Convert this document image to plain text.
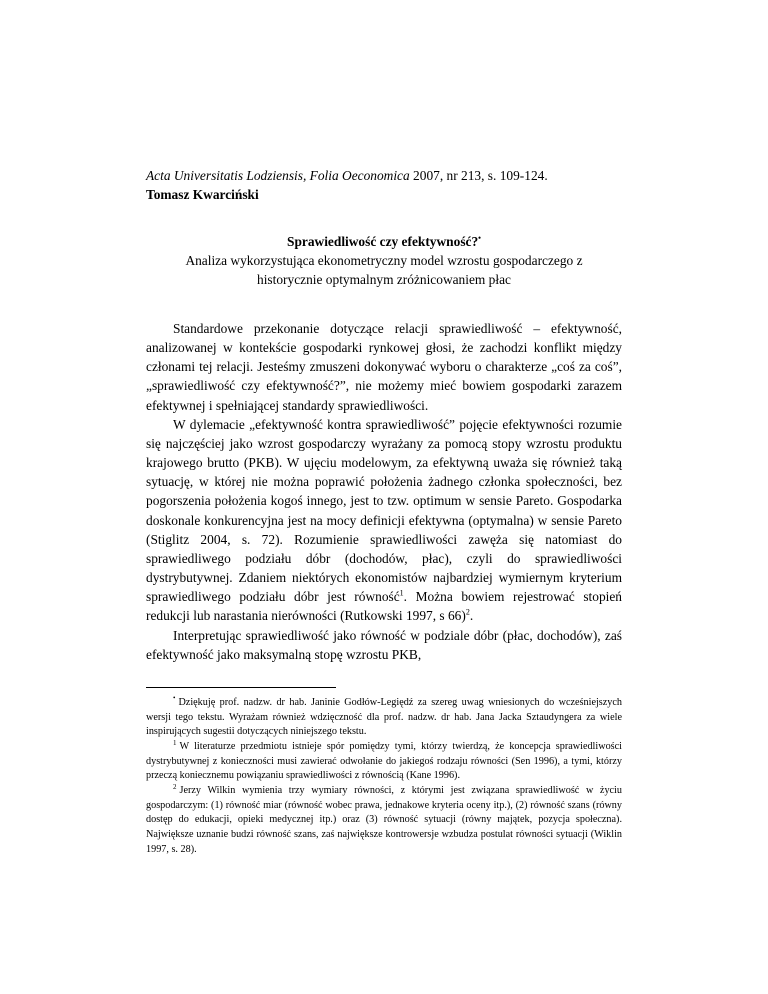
Acta Universitatis Lodziensis, Folia Oeconomica 2007, nr 213, s. 109-124.

Tomasz Kwarciński

Sprawiedliwość czy efektywność?•

Analiza wykorzystująca ekonometryczny model wzrostu gospodarczego z

historycznie optymalnym zróżnicowaniem płac

Standardowe przekonanie dotyczące relacji sprawiedliwość – efektywność, analizowanej w kontekście gospodarki rynkowej głosi, że zachodzi konflikt między członami tej relacji. Jesteśmy zmuszeni dokonywać wyboru o charakterze „coś za coś”, „sprawiedliwość czy efektywność?”, nie możemy mieć bowiem gospodarki zarazem efektywnej i spełniającej standardy sprawiedliwości.

W dylemacie „efektywność kontra sprawiedliwość” pojęcie efektywności rozumie się najczęściej jako wzrost gospodarczy wyrażany za pomocą stopy wzrostu produktu krajowego brutto (PKB). W ujęciu modelowym, za efektywną uważa się również taką sytuację, w której nie można poprawić położenia żadnego członka społeczności, bez pogorszenia położenia kogoś innego, jest to tzw. optimum w sensie Pareto. Gospodarka doskonale konkurencyjna jest na mocy definicji efektywna (optymalna) w sensie Pareto (Stiglitz 2004, s. 72). Rozumienie sprawiedliwości zawęża się natomiast do sprawiedliwego podziału dóbr (dochodów, płac), czyli do sprawiedliwości dystrybutywnej. Zdaniem niektórych ekonomistów najbardziej wymiernym kryterium sprawiedliwego podziału dóbr jest równość$^1$. Można bowiem rejestrować stopień redukcji lub narastania nierówności (Rutkowski 1997, s 66)$^2$.

Interpretując sprawiedliwość jako równość w podziale dóbr (płac, dochodów), zaś efektywność jako maksymalną stopę wzrostu PKB,

• Dziękuję prof. nadzw. dr hab. Janinie Godłów-Legiędź za szereg uwag wniesionych do wcześniejszych wersji tego tekstu. Wyrażam również wdzięczność dla prof. nadzw. dr hab. Jana Jacka Sztaudyngera za wiele inspirujących sugestii dotyczących niniejszego tekstu.

$^1$ W literaturze przedmiotu istnieje spór pomiędzy tymi, którzy twierdzą, że koncepcja sprawiedliwości dystrybutywnej z konieczności musi zawierać odwołanie do jakiegoś rodzaju równości (Sen 1996), a tymi, którzy przeczą koniecznemu powiązaniu sprawiedliwości z równością (Kane 1996).

$^2$ Jerzy Wilkin wymienia trzy wymiary równości, z którymi jest związana sprawiedliwość w życiu gospodarczym: (1) równość miar (równość wobec prawa, jednakowe kryteria oceny itp.), (2) równość szans (równy dostęp do edukacji, opieki medycznej itp.) oraz (3) równość sytuacji (równy majątek, pozycja społeczna). Największe uznanie budzi równość szans, zaś największe kontrowersje wzbudza postulat równości sytuacji (Wiklin 1997, s. 28).
